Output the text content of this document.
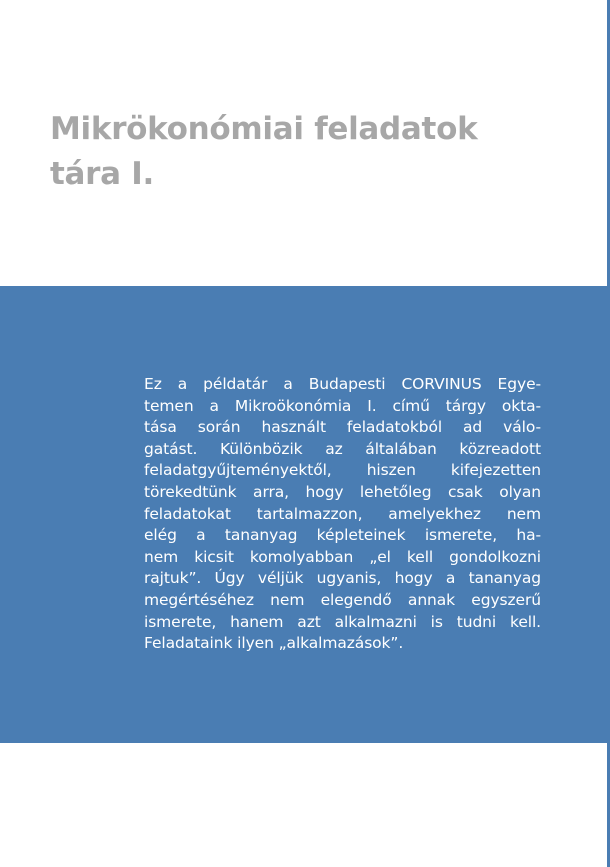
Mikrökonómiai feladatok
tára I.
Ez a példatár a Budapesti CORVINUS Egye-
temen a Mikroökonómia I. című tárgy okta-
tása során használt feladatokból ad válo-
gatást. Különbözik az általában közreadott
feladatgyűjteményektől, hiszen kifejezetten
törekedtünk arra, hogy lehetőleg csak olyan
feladatokat tartalmazzon, amelyekhez nem
elég a tananyag képleteinek ismerete, ha-
nem kicsit komolyabban „el kell gondolkozni
rajtuk”. Úgy véljük ugyanis, hogy a tananyag
megértéséhez nem elegendő annak egyszerű
ismerete, hanem azt alkalmazni is tudni kell.
Feladataink ilyen „alkalmazások”.
